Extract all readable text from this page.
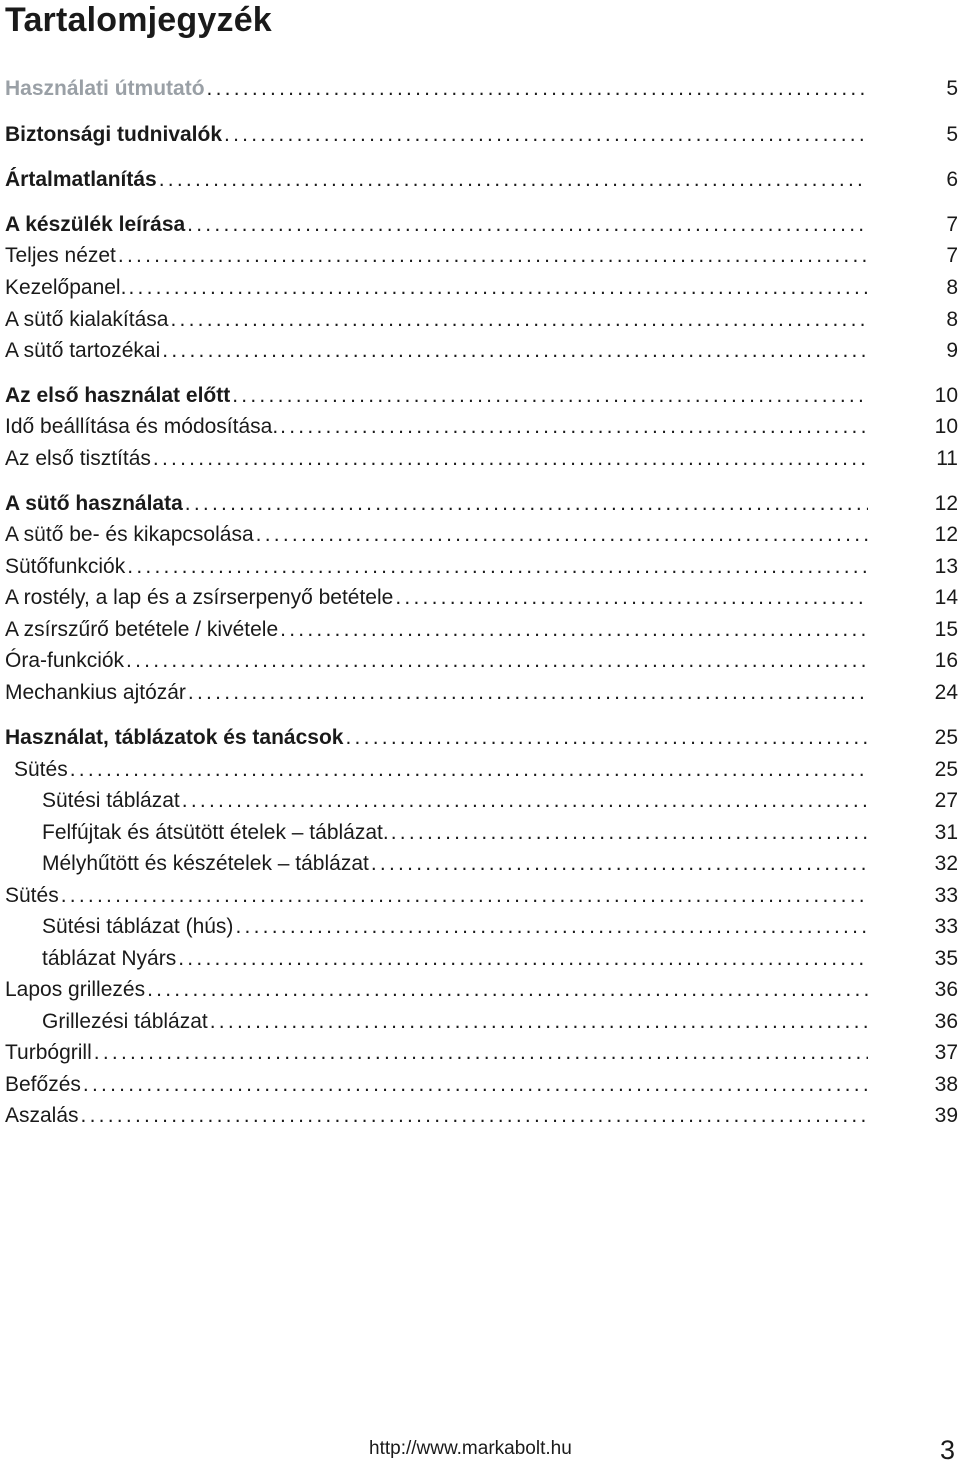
Tartalomjegyzék
Használati útmutató . . .	5
Biztonsági tudnivalók . . .	5
Ártalmatlanítás . . .	6
A készülék leírása . . .	7
Teljes nézet . . .	7
Kezelőpanel. . . .	8
A sütő kialakítása . . .	8
A sütő tartozékai . . .	9
Az első használat előtt . . .	10
Idő beállítása és módosítása. . . .	10
Az első tisztítás . . .	11
A sütő használata . . .	12
A sütő be- és kikapcsolása . . .	12
Sütőfunkciók . . .	13
A rostély, a lap és a zsírserpenyő betétele . . .	14
A zsírszűrő betétele / kivétele . . .	15
Óra-funkciók . . .	16
Mechankius ajtózár . . .	24
Használat, táblázatok és tanácsok . . .	25
Sütés . . .	25
Sütési táblázat . . .	27
Felfújtak és átsütött ételek – táblázat. . . .	31
Mélyhűtött és készételek – táblázat . . .	32
Sütés . . .	33
Sütési táblázat (hús) . . .	33
táblázat Nyárs . . .	35
Lapos grillezés . . .	36
Grillezési táblázat . . .	36
Turbógrill . . .	37
Befőzés . . .	38
Aszalás . . .	39
http://www.markabolt.hu	3
